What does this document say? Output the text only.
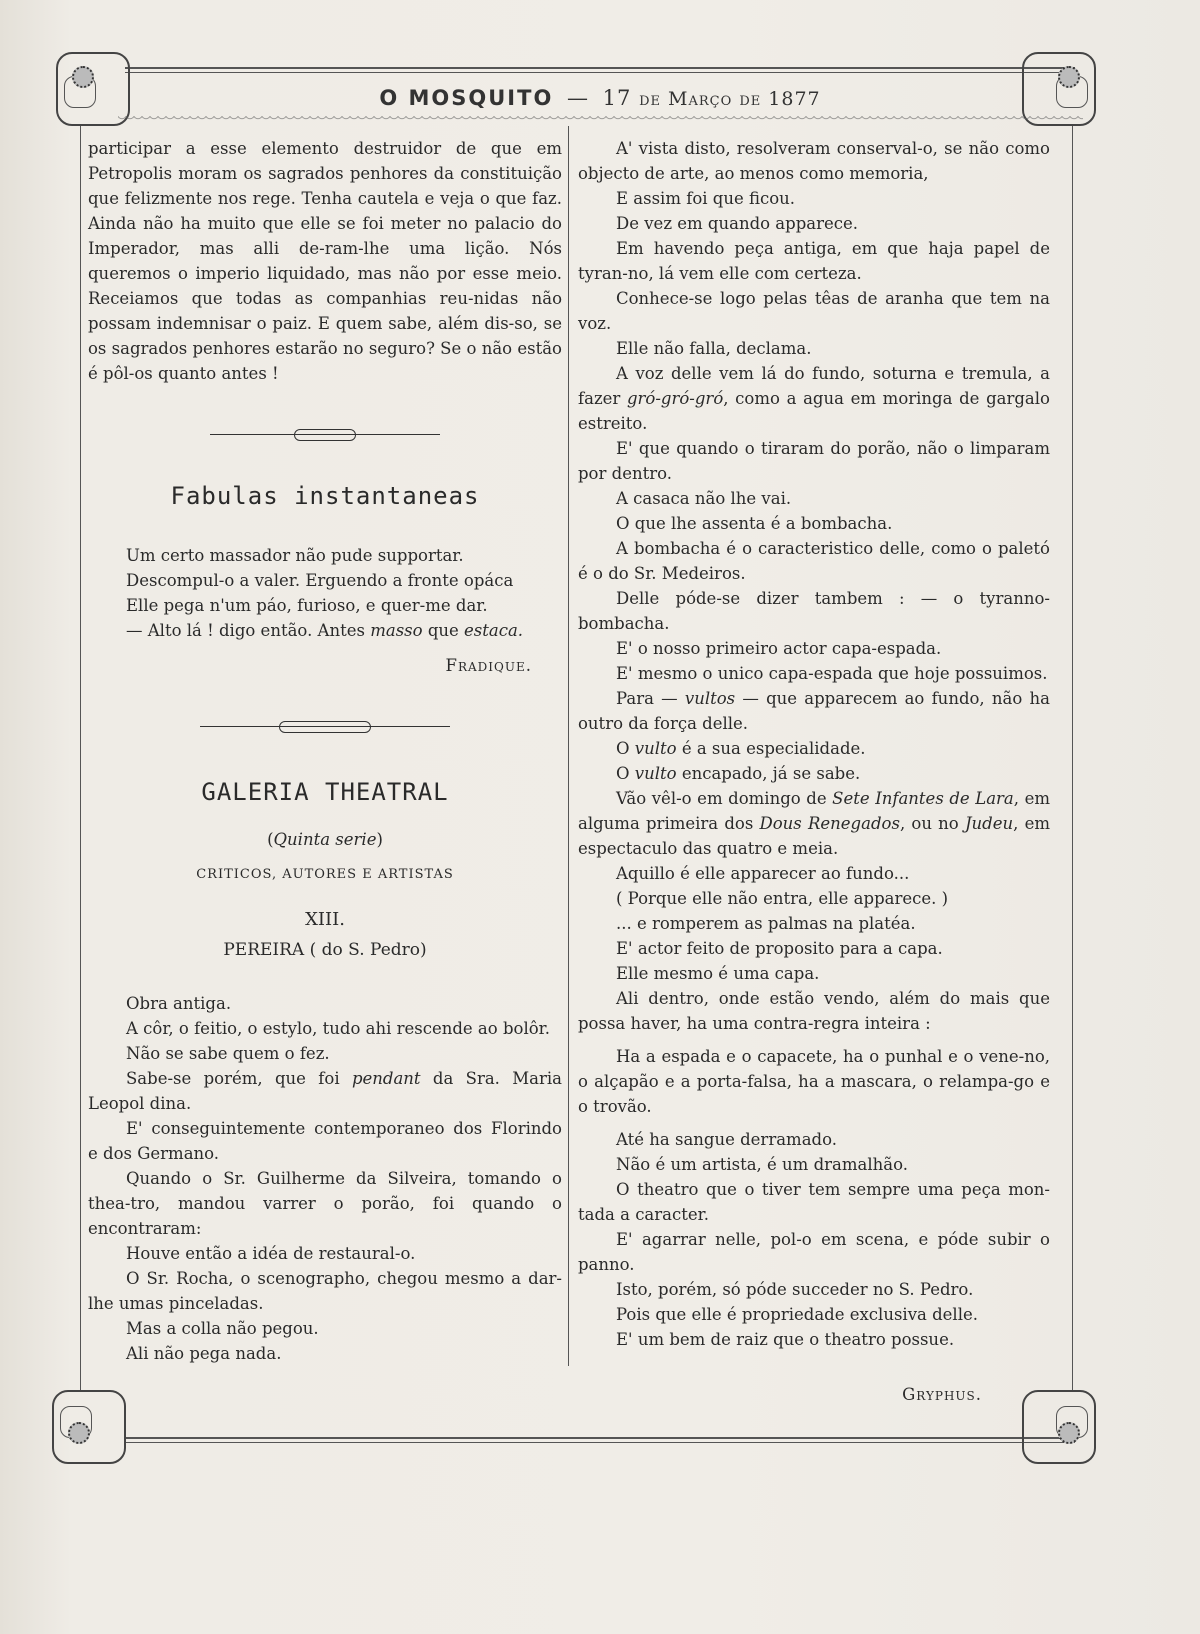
O MOSQUITO — 17 de Março de 1877

participar a esse elemento destruidor de que em Petropolis moram os sagrados penhores da constituição que felizmente nos rege. Tenha cautela e veja o que faz. Ainda não ha muito que elle se foi meter no palacio do Imperador, mas alli de-ram-lhe uma lição. Nós queremos o imperio liquidado, mas não por esse meio. Receiamos que todas as companhias reu-nidas não possam indemnisar o paiz. E quem sabe, além dis-so, se os sagrados penhores estarão no seguro? Se o não estão é pôl-os quanto antes !

Fabulas instantaneas

Um certo massador não pude supportar.

Descompul-o a valer. Erguendo a fronte opáca

Elle pega n'um páo, furioso, e quer-me dar.

— Alto lá ! digo então. Antes masso que estaca.

Fradique.

GALERIA THEATRAL

(Quinta serie)

CRITICOS, AUTORES E ARTISTAS

XIII.

PEREIRA ( do S. Pedro)

Obra antiga.

A côr, o feitio, o estylo, tudo ahi rescende ao bolôr.

Não se sabe quem o fez.

Sabe-se porém, que foi pendant da Sra. Maria Leopol dina.

E' conseguintemente contemporaneo dos Florindo e dos Germano.

Quando o Sr. Guilherme da Silveira, tomando o thea-tro, mandou varrer o porão, foi quando o encontraram:

Houve então a idéa de restaural-o.

O Sr. Rocha, o scenographo, chegou mesmo a dar-lhe umas pinceladas.

Mas a colla não pegou.

Ali não pega nada.

A' vista disto, resolveram conserval-o, se não como objecto de arte, ao menos como memoria,

E assim foi que ficou.

De vez em quando apparece.

Em havendo peça antiga, em que haja papel de tyran-no, lá vem elle com certeza.

Conhece-se logo pelas têas de aranha que tem na voz.

Elle não falla, declama.

A voz delle vem lá do fundo, soturna e tremula, a fazer gró-gró-gró, como a agua em moringa de gargalo estreito.

E' que quando o tiraram do porão, não o limparam por dentro.

A casaca não lhe vai.

O que lhe assenta é a bombacha.

A bombacha é o caracteristico delle, como o paletó é o do Sr. Medeiros.

Delle póde-se dizer tambem : — o tyranno-bombacha.

E' o nosso primeiro actor capa-espada.

E' mesmo o unico capa-espada que hoje possuimos.

Para — vultos — que apparecem ao fundo, não ha outro da força delle.

O vulto é a sua especialidade.

O vulto encapado, já se sabe.

Vão vêl-o em domingo de Sete Infantes de Lara, em alguma primeira dos Dous Renegados, ou no Judeu, em espectaculo das quatro e meia.

Aquillo é elle apparecer ao fundo...

( Porque elle não entra, elle apparece. )

... e romperem as palmas na platéa.

E' actor feito de proposito para a capa.

Elle mesmo é uma capa.

Ali dentro, onde estão vendo, além do mais que possa haver, ha uma contra-regra inteira :

Ha a espada e o capacete, ha o punhal e o vene-no, o alçapão e a porta-falsa, ha a mascara, o relampa-go e o trovão.

Até ha sangue derramado.

Não é um artista, é um dramalhão.

O theatro que o tiver tem sempre uma peça mon-tada a caracter.

E' agarrar nelle, pol-o em scena, e póde subir o panno.

Isto, porém, só póde succeder no S. Pedro.

Pois que elle é propriedade exclusiva delle.

E' um bem de raiz que o theatro possue.

Gryphus.
